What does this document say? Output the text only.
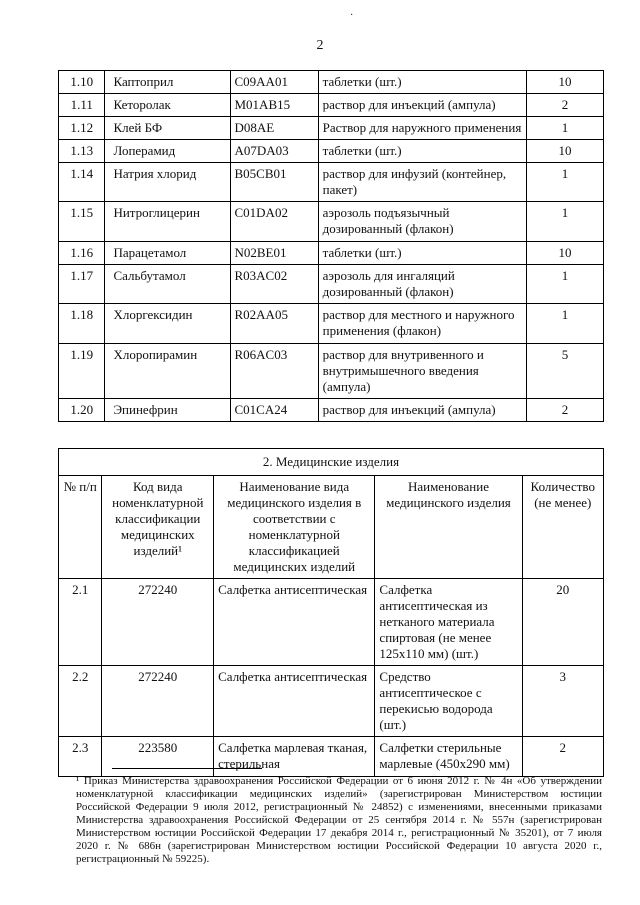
·
2
1.10	Каптоприл	C09AA01	таблетки (шт.)	10
1.11	Кеторолак	M01AB15	раствор для инъекций (ампула)	2
1.12	Клей БФ	D08AE	Раствор для наружного применения	1
1.13	Лоперамид	A07DA03	таблетки (шт.)	10
1.14	Натрия хлорид	B05CB01	раствор для инфузий (контейнер, пакет)	1
1.15	Нитроглицерин	C01DA02	аэрозоль подъязычный дозированный (флакон)	1
1.16	Парацетамол	N02BE01	таблетки (шт.)	10
1.17	Сальбутамол	R03AC02	аэрозоль для ингаляций дозированный (флакон)	1
1.18	Хлоргексидин	R02AA05	раствор для местного и наружного применения (флакон)	1
1.19	Хлоропирамин	R06AC03	раствор для внутривенного и внутримышечного введения (ампула)	5
1.20	Эпинефрин	C01CA24	раствор для инъекций (ампула)	2
2. Медицинские изделия				
№ п/п	Код вида номенклатурной классификации медицинских изделий¹	Наименование вида медицинского изделия в соответствии с номенклатурной классификацией медицинских изделий	Наименование медицинского изделия	Количество (не менее)
2.1	272240	Салфетка антисептическая	Салфетка антисептическая из нетканого материала спиртовая (не менее 125x110 мм) (шт.)	20
2.2	272240	Салфетка антисептическая	Средство антисептическое с перекисью водорода (шт.)	3
2.3	223580	Салфетка марлевая тканая, стерильная	Салфетки стерильные марлевые (450x290 мм)	2
¹ Приказ Министерства здравоохранения Российской Федерации от 6 июня 2012 г. № 4н «Об утверждении номенклатурной классификации медицинских изделий» (зарегистрирован Министерством юстиции Российской Федерации 9 июля 2012, регистрационный № 24852) с изменениями, внесенными приказами Министерства здравоохранения Российской Федерации от 25 сентября 2014 г. № 557н (зарегистрирован Министерством юстиции Российской Федерации 17 декабря 2014 г., регистрационный № 35201), от 7 июля 2020 г. № 686н (зарегистрирован Министерством юстиции Российской Федерации 10 августа 2020 г., регистрационный № 59225).
